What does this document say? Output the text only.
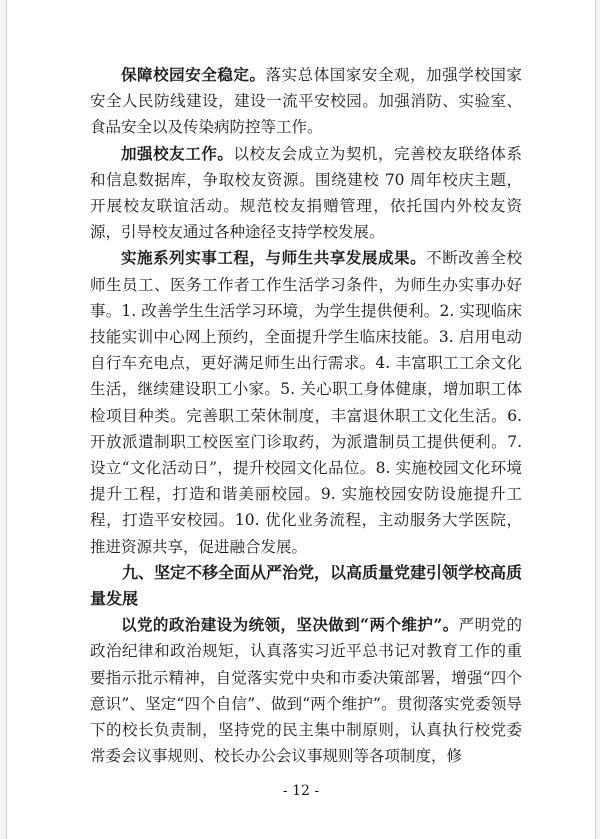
保障校园安全稳定。落实总体国家安全观，加强学校国家安全人民防线建设，建设一流平安校园。加强消防、实验室、食品安全以及传染病防控等工作。

加强校友工作。以校友会成立为契机，完善校友联络体系和信息数据库，争取校友资源。围绕建校 70 周年校庆主题，开展校友联谊活动。规范校友捐赠管理，依托国内外校友资源，引导校友通过各种途径支持学校发展。

实施系列实事工程，与师生共享发展成果。不断改善全校师生员工、医务工作者工作生活学习条件，为师生办实事办好事。1. 改善学生生活学习环境，为学生提供便利。2. 实现临床技能实训中心网上预约，全面提升学生临床技能。3. 启用电动自行车充电点，更好满足师生出行需求。4. 丰富职工工余文化生活，继续建设职工小家。5. 关心职工身体健康，增加职工体检项目种类。完善职工荣休制度，丰富退休职工文化生活。6. 开放派遣制职工校医室门诊取药，为派遣制员工提供便利。7. 设立“文化活动日”，提升校园文化品位。8. 实施校园文化环境提升工程，打造和谐美丽校园。9. 实施校园安防设施提升工程，打造平安校园。10. 优化业务流程，主动服务大学医院，推进资源共享，促进融合发展。

九、坚定不移全面从严治党，以高质量党建引领学校高质量发展

以党的政治建设为统领，坚决做到“两个维护”。严明党的政治纪律和政治规矩，认真落实习近平总书记对教育工作的重要指示批示精神，自觉落实党中央和市委决策部署，增强“四个意识”、坚定“四个自信”、做到“两个维护”。贯彻落实党委领导下的校长负责制，坚持党的民主集中制原则，认真执行校党委常委会议事规则、校长办公会议事规则等各项制度，修

- 12 -
